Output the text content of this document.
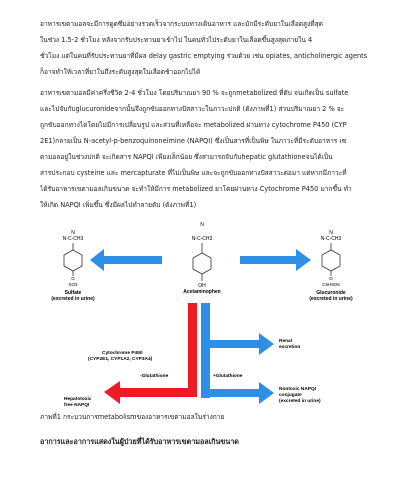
อาหารเขตามอลจะมีการดูดซึมอย่างรวดเร็วจากระบบทางเดินอาหาร และมักมีระดับยาในเลือดสูงที่สุด
ในช่วง 1.5-2 ชั่วโมง หลังจากรับประทานยาเข้าไป ในคนทั่วไประดับยาในเลือดขึ้นสูงสุดภายใน 4
ชั่วโมง แต่ในคนที่รับประทานยาที่มีผล delay gastric emptying ร่วมด้วย เช่น opiates, anticholinergic agents
ก็อาจทำให้เวลาที่ยาในถึงระดับสูงสุดในเลือดช้าออกไปได้
อาหารเขตามอลมีค่าครึ่งชีวิต 2-4 ชั่วโมง โดยปริมาณยา 90 % จะถูกmetabolized ที่ตับ จนเกิดเป็น sulfate
และไปจับกับglucuronideจากนั้นจึงถูกขับออกทางปัสสาวะในภาวะปกติ (ดังภาพที่1) ส่วนปริมาณยา 2 % จะ
ถูกขับออกทางไตโดยไม่มีการเปลี่ยนรูป และส่วนที่เหลือจะ metabolized ผ่านทาง cytochrome P450 (CYP
2E1)กลายเป็น N-acetyl-p-benzoquinoneimine (NAPQI) ซึ่งเป็นสารที่เป็นพิษ ในภาวะที่มีระดับอาหาร เซ
ตามอลอยู่ในช่วงปกติ จะเกิดสาร NAPQI เพียงเล็กน้อย ซึ่งสามารถจับกับhepatic glutathioneจนได้เป็น
สารประกอบ cysteine และ mercapturate ที่ไม่เป็นพิษ และจะถูกขับออกทางปัสสาวะต่อมา แต่หากมีภาวะที่
ได้รับอาหารเขตามอลเกินขนาด จะทำให้มีการ metabolized ยาโดยผ่านทาง Cytochrome P450 มากขึ้น ทำ
ให้เกิด NAPQI เพิ่มขึ้น ซึ่งมีผลไปทำลายตับ (ดังภาพที่1)
N
N-C-CH3
OH
Acetaminophen
N
N-C-CH3
O
SO3
Sulfate
(excreted in urine)
N
N-C-CH3
O
C6H9O6
Glucuronide
(excreted in urine)
Renal
excretion
Cytochrome P450
(CYP2E1, CYP1A2, CYP3A4)
-Glutathione	+Glutathione
Hepatotoxic
free NAPQI
Nontoxic NAPQI
conjugate
(excreted in urine)
ภาพที่1 กระบวนการmetabolismของอาหารเขตามอลในร่างกาย
อาการและอาการแสดงในผู้ป่วยที่ได้รับอาหารเขตามอลเกินขนาด
